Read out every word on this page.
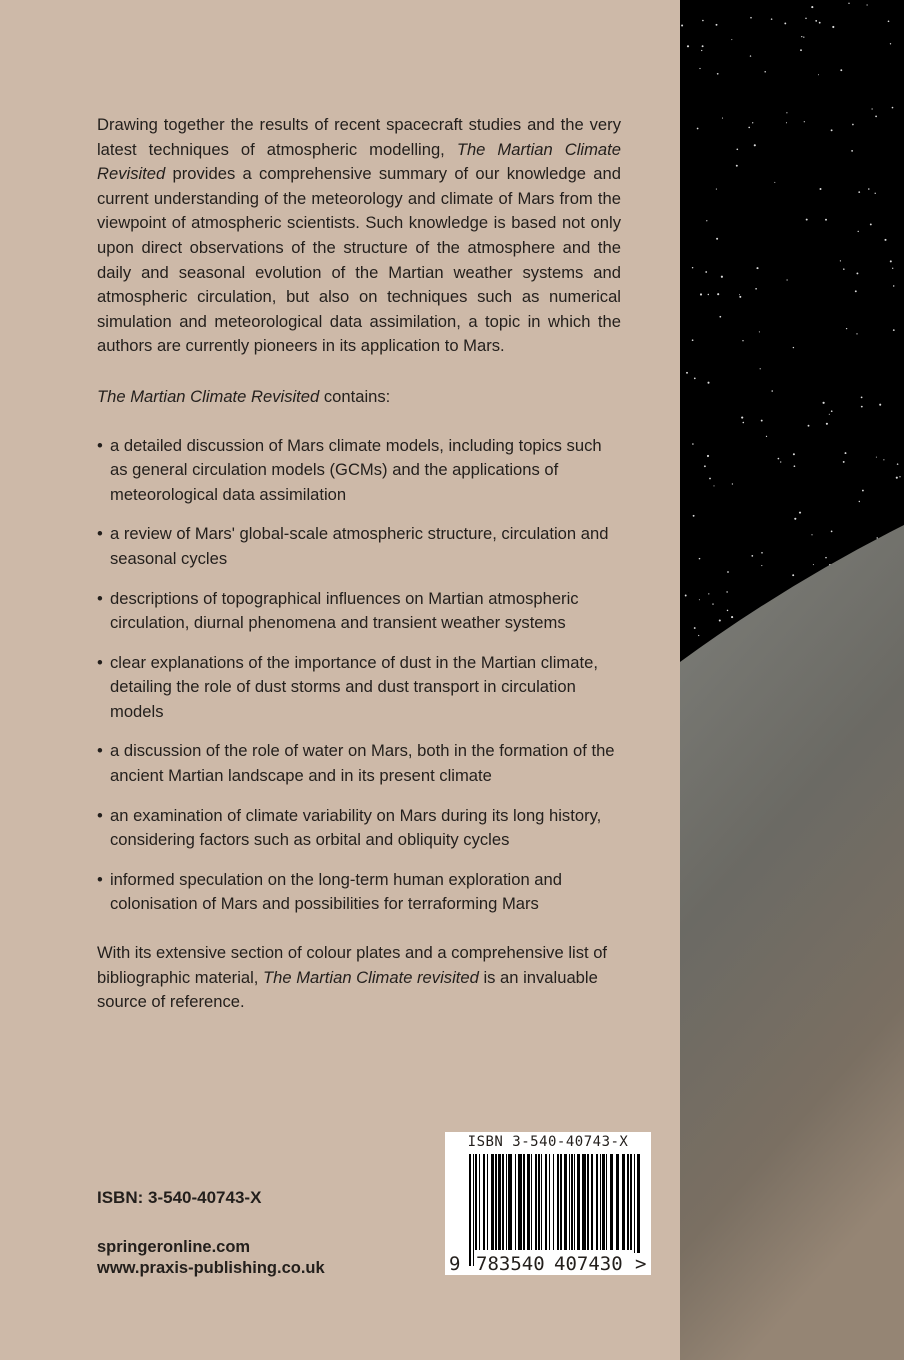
Drawing together the results of recent spacecraft studies and the very latest techniques of atmospheric modelling, The Martian Climate Revisited provides a comprehensive summary of our knowledge and current understanding of the meteorology and climate of Mars from the viewpoint of atmospheric scientists. Such knowledge is based not only upon direct observations of the structure of the atmosphere and the daily and seasonal evolution of the Martian weather systems and atmospheric circulation, but also on techniques such as numerical simulation and meteorological data assimilation, a topic in which the authors are currently pioneers in its application to Mars.

The Martian Climate Revisited contains:

• a detailed discussion of Mars climate models, including topics such as general circulation models (GCMs) and the applications of meteorological data assimilation
• a review of Mars' global-scale atmospheric structure, circulation and seasonal cycles
• descriptions of topographical influences on Martian atmospheric circulation, diurnal phenomena and transient weather systems
• clear explanations of the importance of dust in the Martian climate, detailing the role of dust storms and dust transport in circulation models
• a discussion of the role of water on Mars, both in the formation of the ancient Martian landscape and in its present climate
• an examination of climate variability on Mars during its long history, considering factors such as orbital and obliquity cycles
• informed speculation on the long-term human exploration and colonisation of Mars and possibilities for terraforming Mars

With its extensive section of colour plates and a comprehensive list of bibliographic material, The Martian Climate revisited is an invaluable source of reference.

ISBN: 3-540-40743-X
springeronline.com
www.praxis-publishing.co.uk
ISBN 3-540-40743-X
9 783540 407430 >
